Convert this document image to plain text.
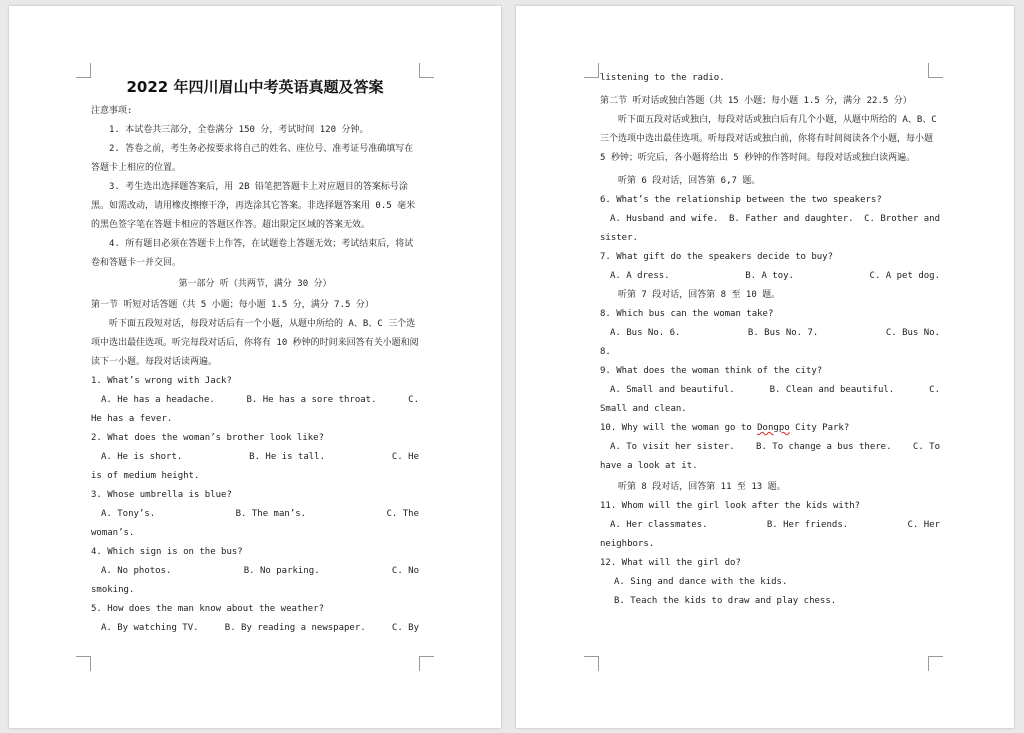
2022 年四川眉山中考英语真题及答案
注意事项:
1. 本试卷共三部分，全卷满分 150 分，考试时间 120 分钟。
2. 答卷之前，考生务必按要求将自己的姓名、座位号、准考证号准确填写在答题卡上相应的位置。
3. 考生选出选择题答案后，用 2B 铅笔把答题卡上对应题目的答案标号涂黑。如需改动，请用橡皮擦擦干净，再选涂其它答案。非选择题答案用 0.5 毫米的黑色签字笔在答题卡相应的答题区作答。超出限定区域的答案无效。
4. 所有题目必须在答题卡上作答，在试题卷上答题无效；考试结束后，将试卷和答题卡一并交回。
第一部分 听（共两节，满分 30 分）
第一节 听短对话答题（共 5 小题；每小题 1.5 分，满分 7.5 分）
听下面五段短对话，每段对话后有一个小题，从题中所给的 A、B、C 三个选项中选出最佳选项。听完每段对话后，你将有 10 秒钟的时间来回答有关小题和阅读下一小题。每段对话读两遍。
1. What’s wrong with Jack?
A. He has a headache.	B. He has a sore throat.	C.
He has a fever.
2. What does the woman’s brother look like?
A. He is short.	B. He is tall.	C. He
is of medium height.
3. Whose umbrella is blue?
A. Tony’s.	B. The man’s.	C. The
woman’s.
4. Which sign is on the bus?
A. No photos.	B. No parking.	C. No
smoking.
5. How does the man know about the weather?
A. By watching TV.	B. By reading a newspaper.	C. By
listening to the radio.
第二节 听对话或独白答题（共 15 小题；每小题 1.5 分，满分 22.5 分）
听下面五段对话或独白，每段对话或独白后有几个小题，从题中所给的 A、B、C 三个选项中选出最佳选项。听每段对话或独白前，你将有时间阅读各个小题，每小题 5 秒钟；听完后，各小题将给出 5 秒钟的作答时间。每段对话或独白读两遍。
听第 6 段对话，回答第 6,7 题。
6. What’s the relationship between the two speakers?
A. Husband and wife. B. Father and daughter. C. Brother and
sister.
7. What gift do the speakers decide to buy?
A. A dress.	B. A toy.	C. A pet dog.
听第 7 段对话，回答第 8 至 10 题。
8. Which bus can the woman take?
A. Bus No. 6.	B. Bus No. 7.	C. Bus No.
8.
9. What does the woman think of the city?
A. Small and beautiful.	B. Clean and beautiful.	C.
Small and clean.
10. Why will the woman go to Dongpo City Park?
A. To visit her sister. B. To change a bus there. C. To
have a look at it.
听第 8 段对话，回答第 11 至 13 题。
11. Whom will the girl look after the kids with?
A. Her classmates.	B. Her friends.	C. Her
neighbors.
12. What will the girl do?
A. Sing and dance with the kids.
B. Teach the kids to draw and play chess.
